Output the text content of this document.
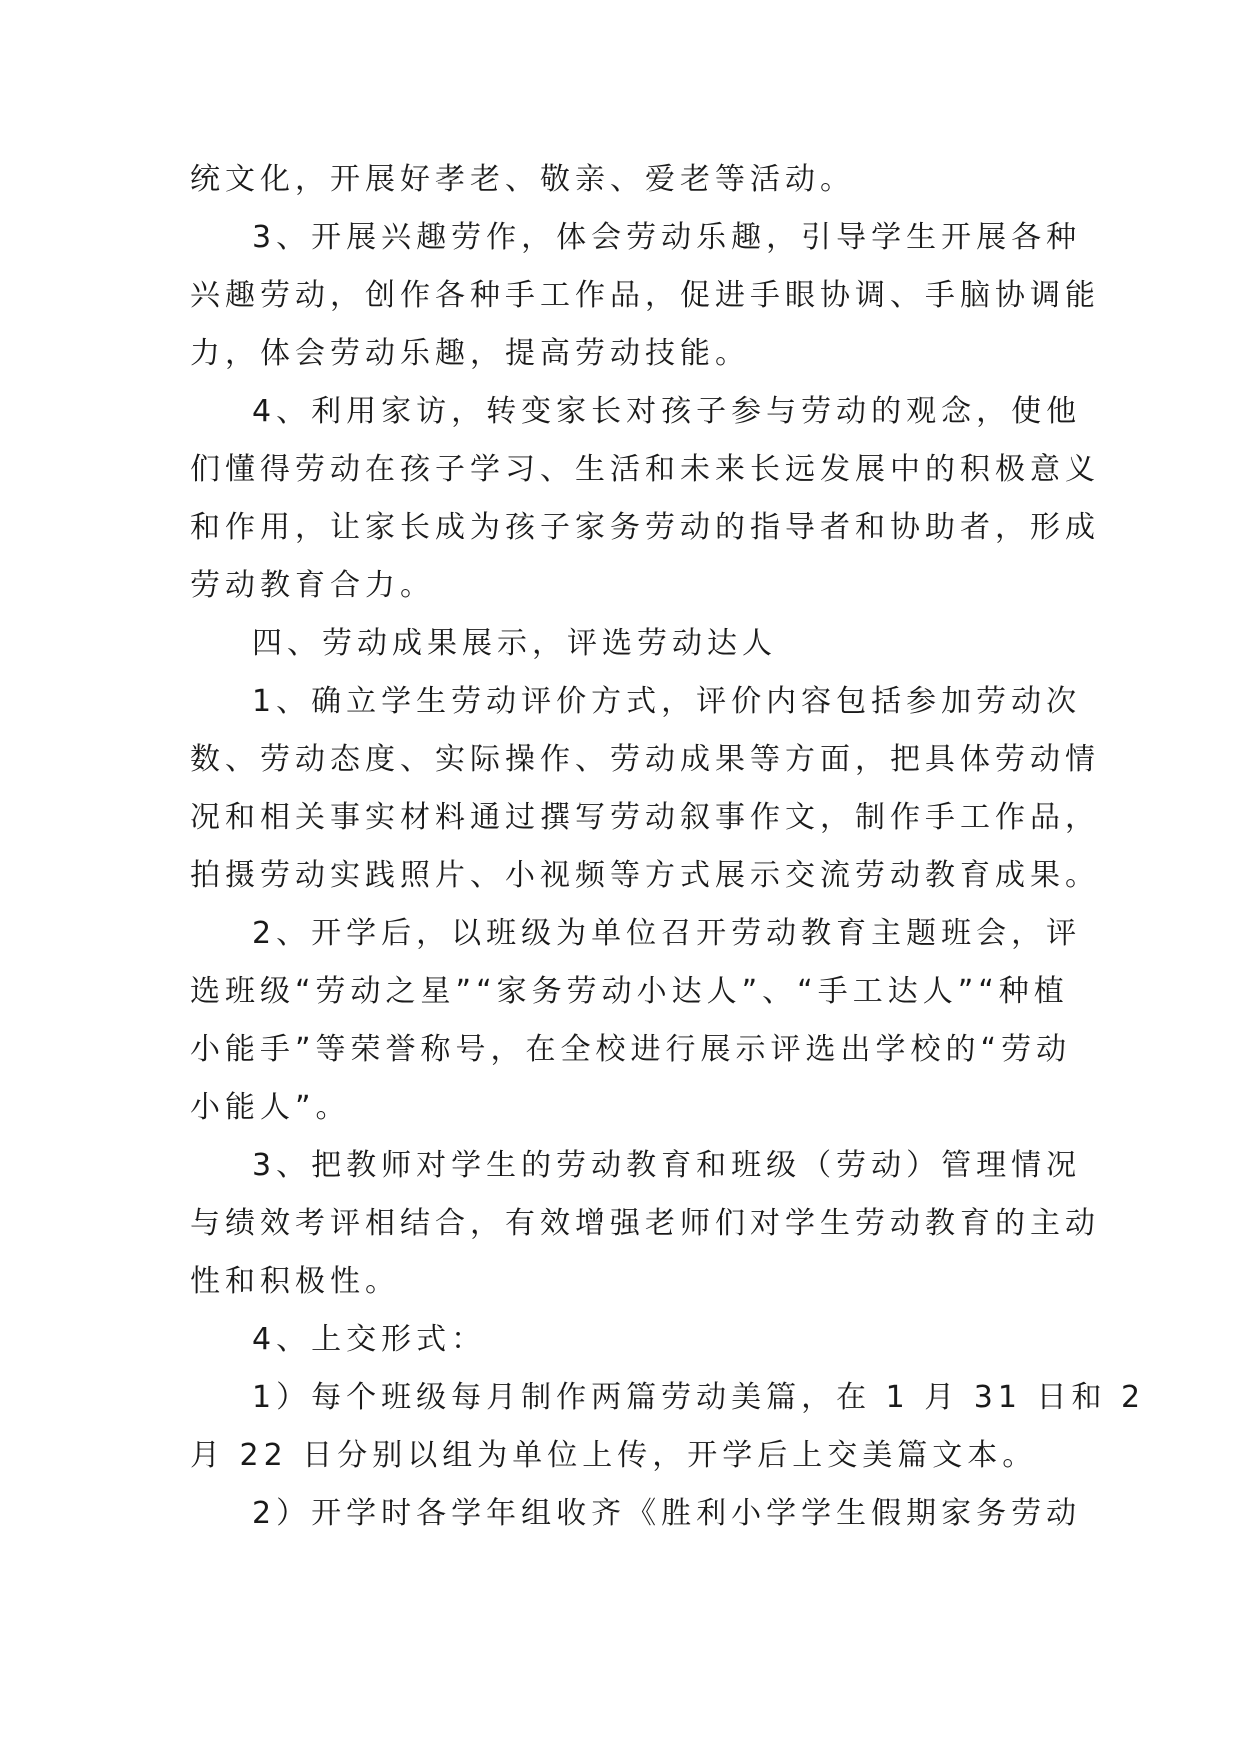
统文化，开展好孝老、敬亲、爱老等活动。
3、开展兴趣劳作，体会劳动乐趣，引导学生开展各种
兴趣劳动，创作各种手工作品，促进手眼协调、手脑协调能
力，体会劳动乐趣，提高劳动技能。
4、利用家访，转变家长对孩子参与劳动的观念，使他
们懂得劳动在孩子学习、生活和未来长远发展中的积极意义
和作用，让家长成为孩子家务劳动的指导者和协助者，形成
劳动教育合力。
四、劳动成果展示，评选劳动达人
1、确立学生劳动评价方式，评价内容包括参加劳动次
数、劳动态度、实际操作、劳动成果等方面，把具体劳动情
况和相关事实材料通过撰写劳动叙事作文，制作手工作品，
拍摄劳动实践照片、小视频等方式展示交流劳动教育成果。
2、开学后，以班级为单位召开劳动教育主题班会，评
选班级“劳动之星”“家务劳动小达人”、“手工达人”“种植
小能手”等荣誉称号，在全校进行展示评选出学校的“劳动
小能人”。
3、把教师对学生的劳动教育和班级（劳动）管理情况
与绩效考评相结合，有效增强老师们对学生劳动教育的主动
性和积极性。
4、上交形式：
1）每个班级每月制作两篇劳动美篇，在 1 月 31 日和 2
月 22 日分别以组为单位上传，开学后上交美篇文本。
2）开学时各学年组收齐《胜利小学学生假期家务劳动
